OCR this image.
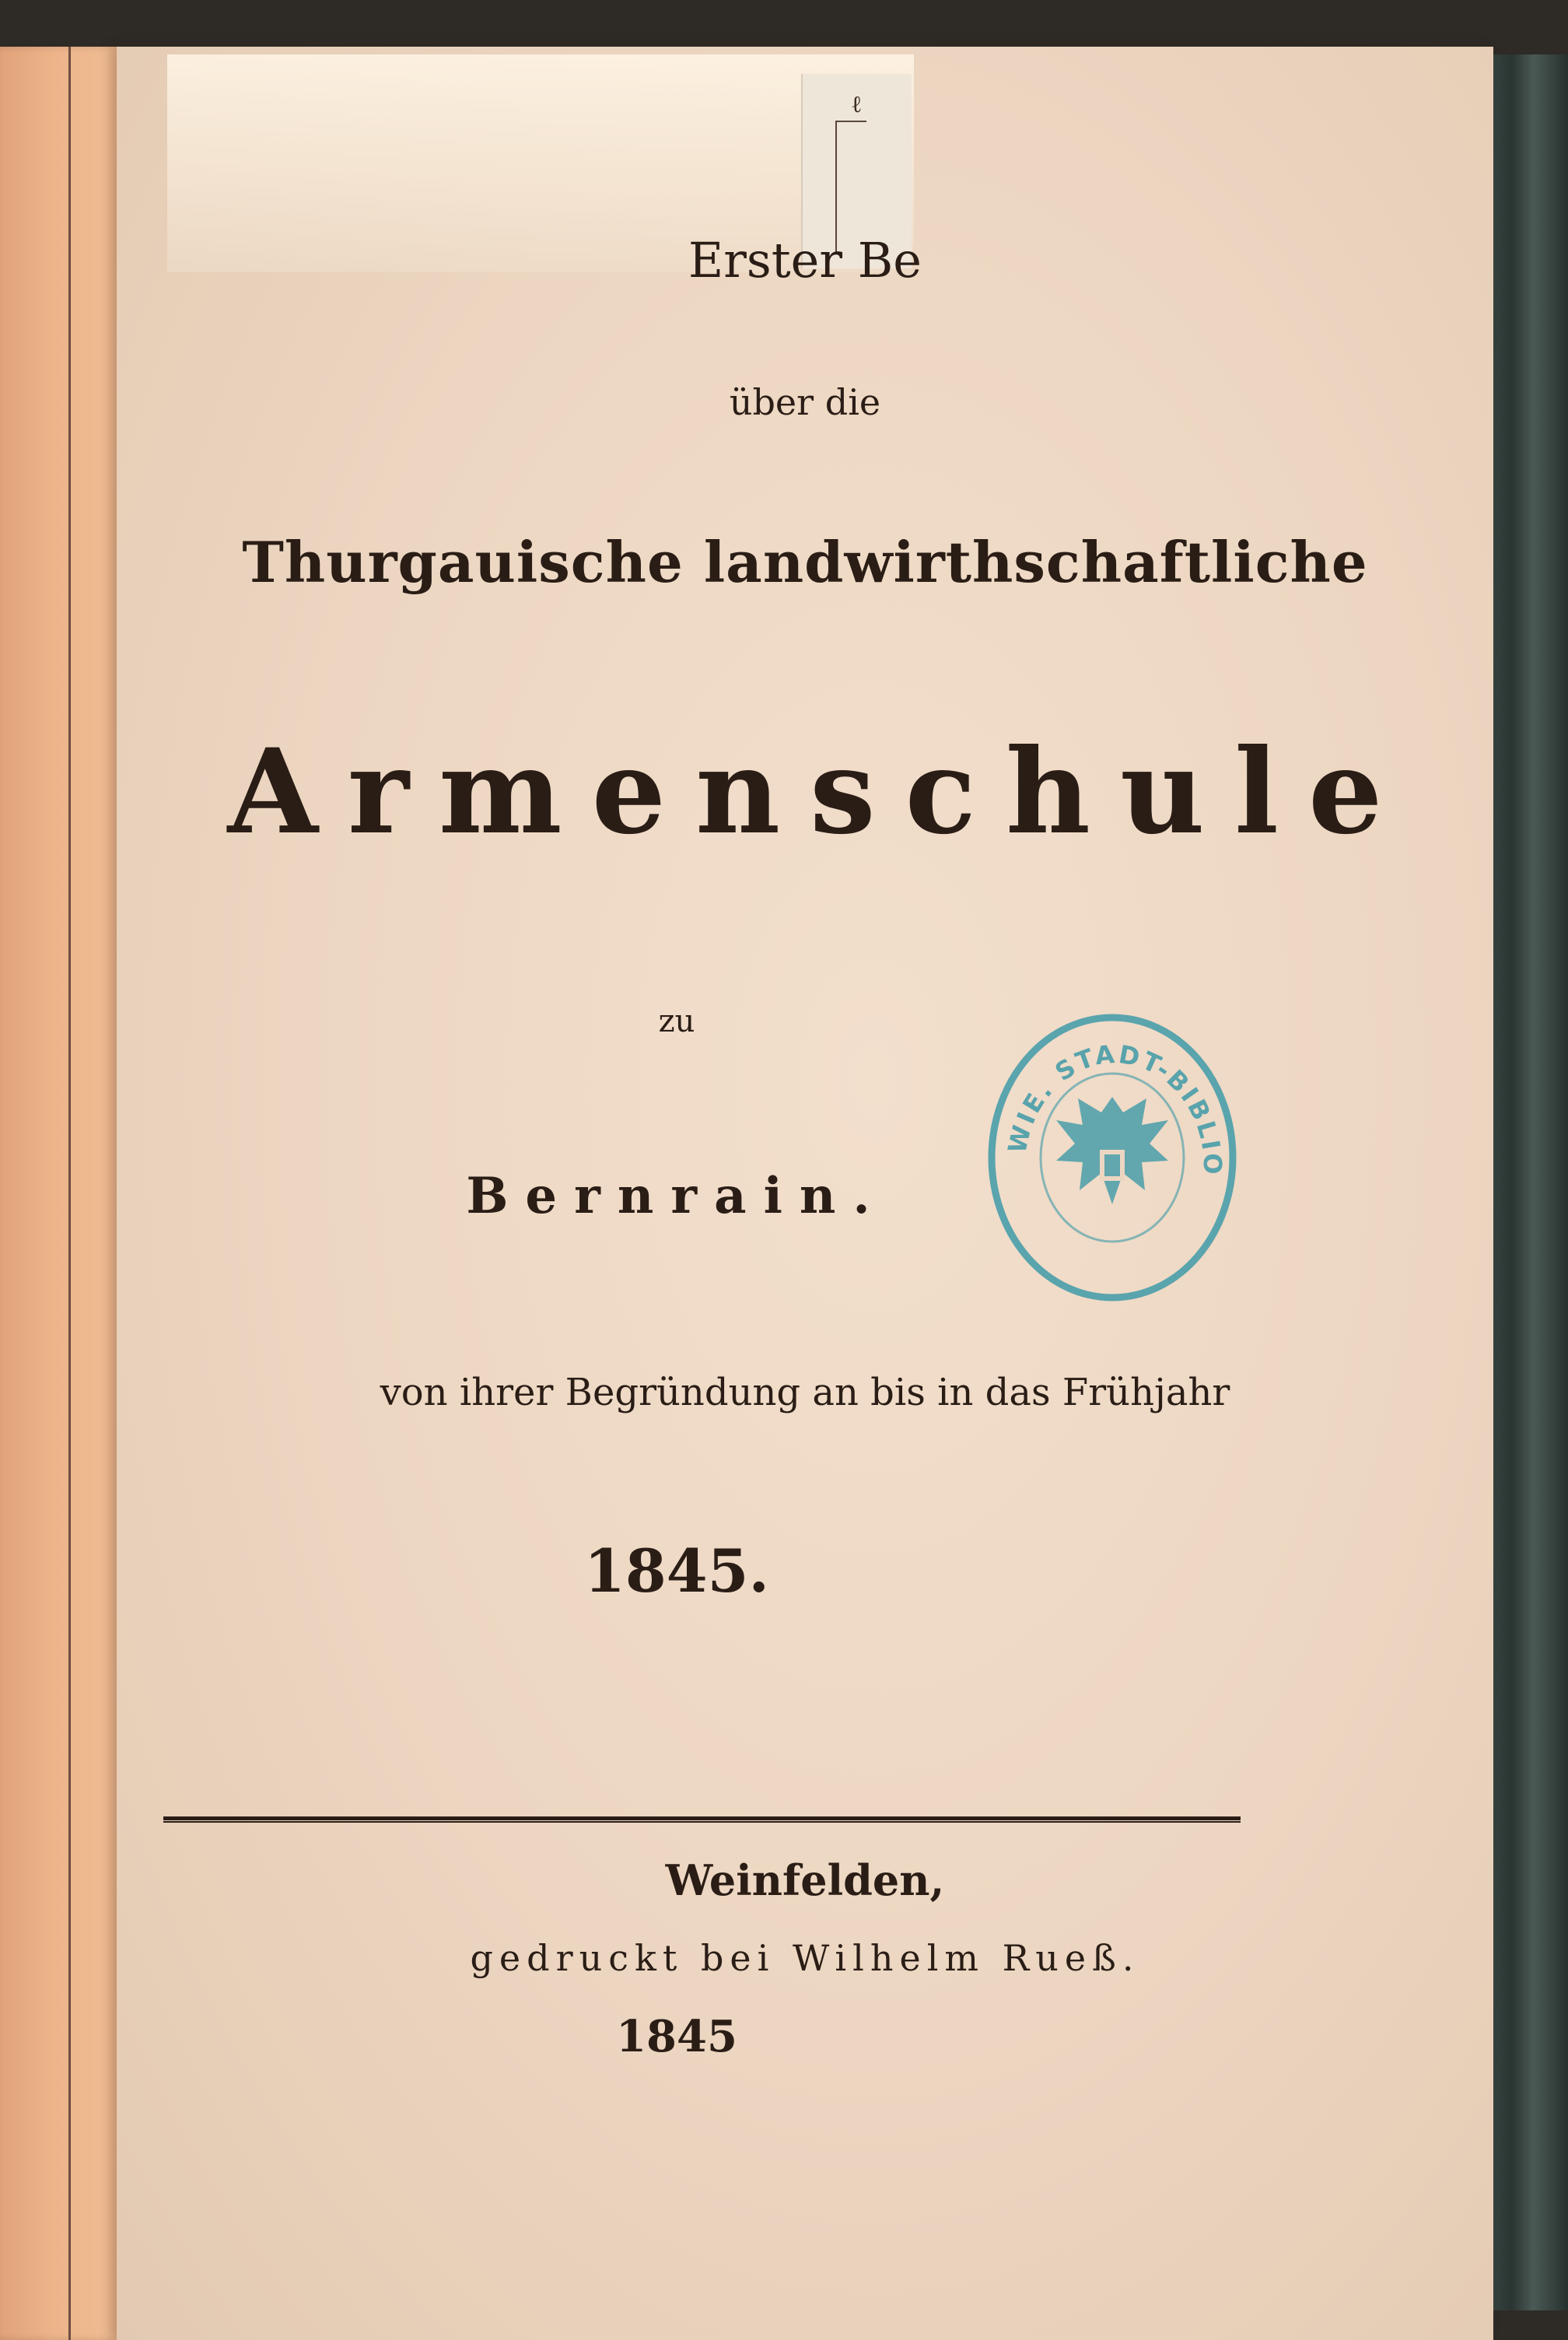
ℓ

Erster Be
über die
Thurgauische landwirthschaftliche
Armenschule
zu
Bernrain.
von ihrer Begründung an bis in das Frühjahr
1845.
Weinfelden,
gedruckt bei Wilhelm Rueß.
1845
WIE. STADT-BIBLIO
